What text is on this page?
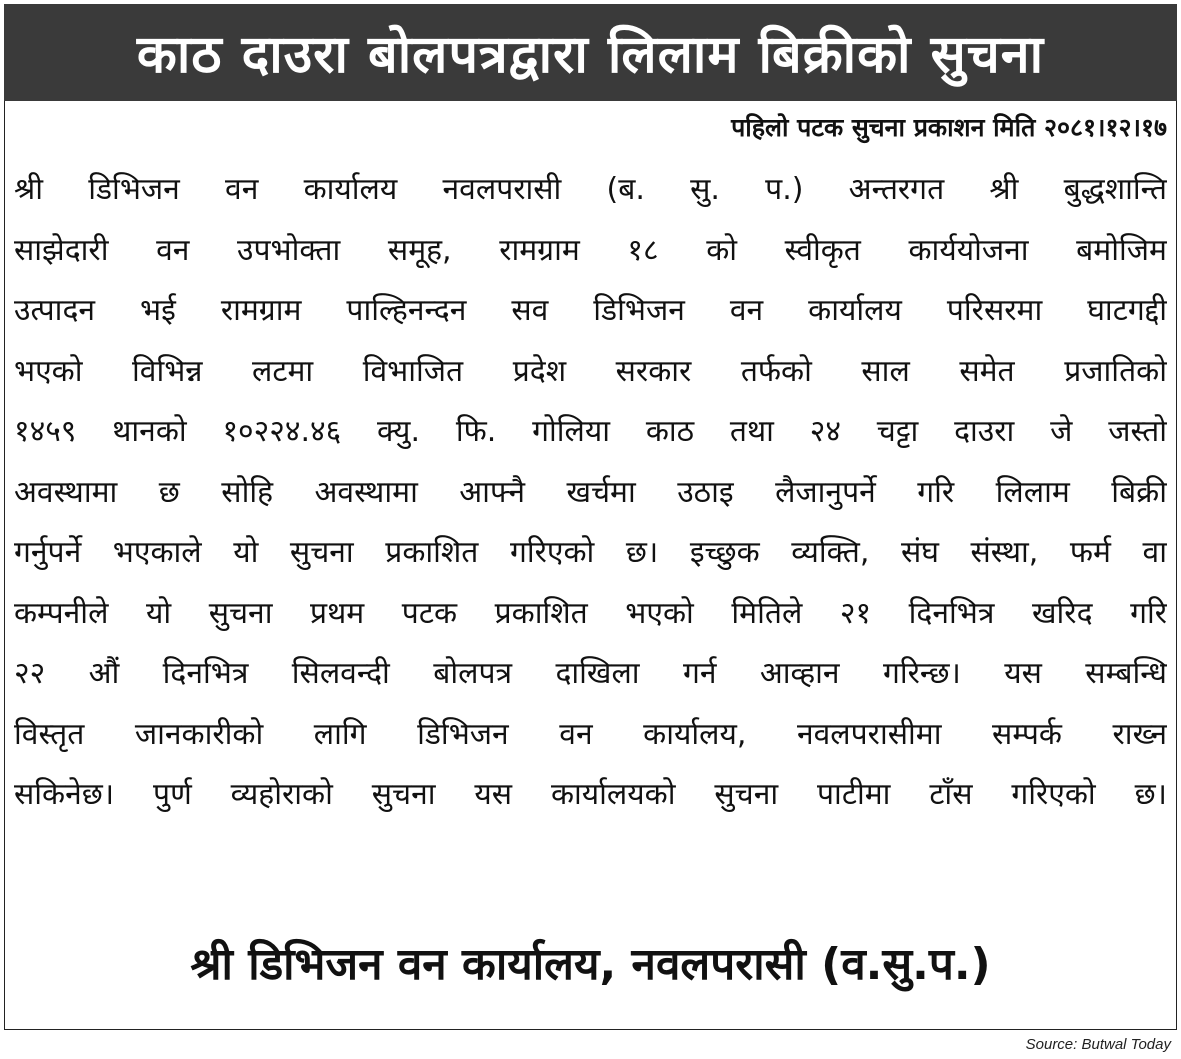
काठ दाउरा बोलपत्रद्वारा लिलाम बिक्रीको सुचना
पहिलो पटक सुचना प्रकाशन मिति २०८१।१२।१७
श्री डिभिजन वन कार्यालय नवलपरासी (ब. सु. प.) अन्तरगत श्री बुद्धशान्ति
साझेदारी वन उपभोक्ता समूह, रामग्राम १८ को स्वीकृत कार्ययोजना बमोजिम
उत्पादन भई रामग्राम पाल्हिनन्दन सव डिभिजन वन कार्यालय परिसरमा घाटगद्दी
भएको विभिन्न लटमा विभाजित प्रदेश सरकार तर्फको साल समेत प्रजातिको
१४५९ थानको १०२२४.४६ क्यु. फि. गोलिया काठ तथा २४ चट्टा दाउरा जे जस्तो
अवस्थामा छ सोहि अवस्थामा आफ्नै खर्चमा उठाइ लैजानुपर्ने गरि लिलाम बिक्री
गर्नुपर्ने भएकाले यो सुचना प्रकाशित गरिएको छ। इच्छुक व्यक्ति, संघ संस्था, फर्म वा
कम्पनीले यो सुचना प्रथम पटक प्रकाशित भएको मितिले २१ दिनभित्र खरिद गरि
२२ औं दिनभित्र सिलवन्दी बोलपत्र दाखिला गर्न आव्हान गरिन्छ। यस सम्बन्धि
विस्तृत जानकारीको लागि डिभिजन वन कार्यालय, नवलपरासीमा सम्पर्क राख्न
सकिनेछ। पुर्ण व्यहोराको सुचना यस कार्यालयको सुचना पाटीमा टाँस गरिएको छ।
श्री डिभिजन वन कार्यालय, नवलपरासी (व.सु.प.)
Source: Butwal Today
